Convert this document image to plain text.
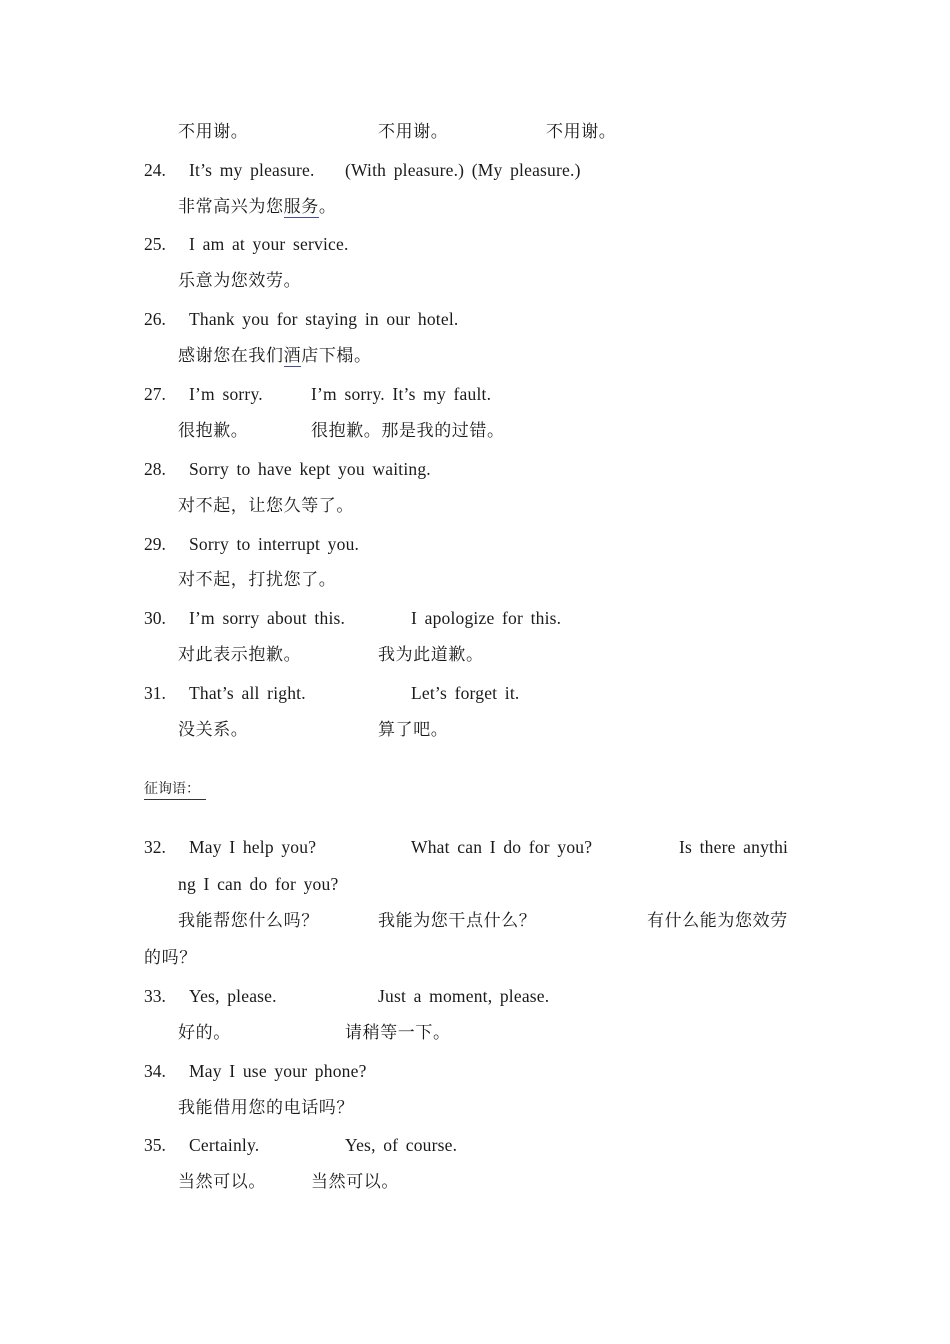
不用谢。	不用谢。	不用谢。
24. It’s my pleasure. (With pleasure.) (My pleasure.)
非常高兴为您服务。
25. I am at your service.
乐意为您效劳。
26. Thank you for staying in our hotel.
感谢您在我们酒店下榻。
27. I’m sorry.	I’m sorry. It’s my fault.
很抱歉。	很抱歉。那是我的过错。
28. Sorry to have kept you waiting.
对不起，让您久等了。
29. Sorry to interrupt you.
对不起，打扰您了。
30. I’m sorry about this.	I apologize for this.
对此表示抱歉。	我为此道歉。
31. That’s all right.	Let’s forget it.
没关系。	算了吧。
征询语：
32. May I help you?	What can I do for you?	Is there anythi
ng I can do for you?
我能帮您什么吗？	我能为您干点什么？	有什么能为您效劳
的吗？
33. Yes, please.	Just a moment, please.
好的。	请稍等一下。
34. May I use your phone?
我能借用您的电话吗？
35. Certainly.	Yes, of course.
当然可以。	当然可以。
